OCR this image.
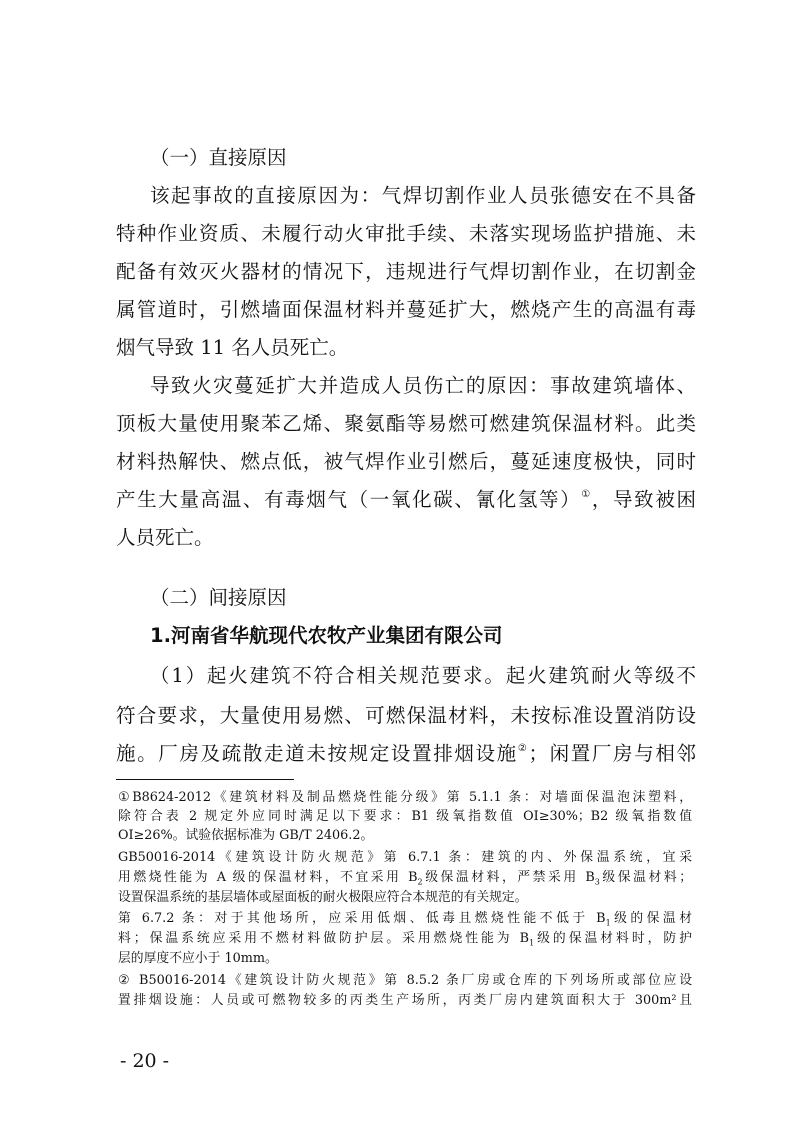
（一）直接原因
该起事故的直接原因为：气焊切割作业人员张德安在不具备
特种作业资质、未履行动火审批手续、未落实现场监护措施、未
配备有效灭火器材的情况下，违规进行气焊切割作业，在切割金
属管道时，引燃墙面保温材料并蔓延扩大，燃烧产生的高温有毒
烟气导致 11 名人员死亡。
导致火灾蔓延扩大并造成人员伤亡的原因：事故建筑墙体、
顶板大量使用聚苯乙烯、聚氨酯等易燃可燃建筑保温材料。此类
材料热解快、燃点低，被气焊作业引燃后，蔓延速度极快，同时
产生大量高温、有毒烟气（一氧化碳、氰化氢等）①，导致被困
人员死亡。
（二）间接原因
1.河南省华航现代农牧产业集团有限公司
（1）起火建筑不符合相关规范要求。起火建筑耐火等级不
符合要求，大量使用易燃、可燃保温材料，未按标准设置消防设
施。厂房及疏散走道未按规定设置排烟设施②；闲置厂房与相邻
①B8624-2012《建筑材料及制品燃烧性能分级》第 5.1.1 条：对墙面保温泡沫塑料，
除符合表 2 规定外应同时满足以下要求：B1 级氧指数值 OI≥30%；B2 级氧指数值
OI≥26%。试验依据标准为 GB/T 2406.2。
GB50016-2014《建筑设计防火规范》第 6.7.1 条：建筑的内、外保温系统，宜采
用燃烧性能为 A 级的保温材料，不宜采用 $B_2$级保温材料，严禁采用 $B_3$级保温材料；
设置保温系统的基层墙体或屋面板的耐火极限应符合本规范的有关规定。
第 6.7.2 条：对于其他场所，应采用低烟、低毒且燃烧性能不低于 $B_1$级的保温材
料；保温系统应采用不燃材料做防护层。采用燃烧性能为 $B_1$级的保温材料时，防护
层的厚度不应小于 10mm。
② B50016-2014《建筑设计防火规范》第 8.5.2 条厂房或仓库的下列场所或部位应设
置排烟设施：人员或可燃物较多的丙类生产场所，丙类厂房内建筑面积大于 300m²且
- 20 -
